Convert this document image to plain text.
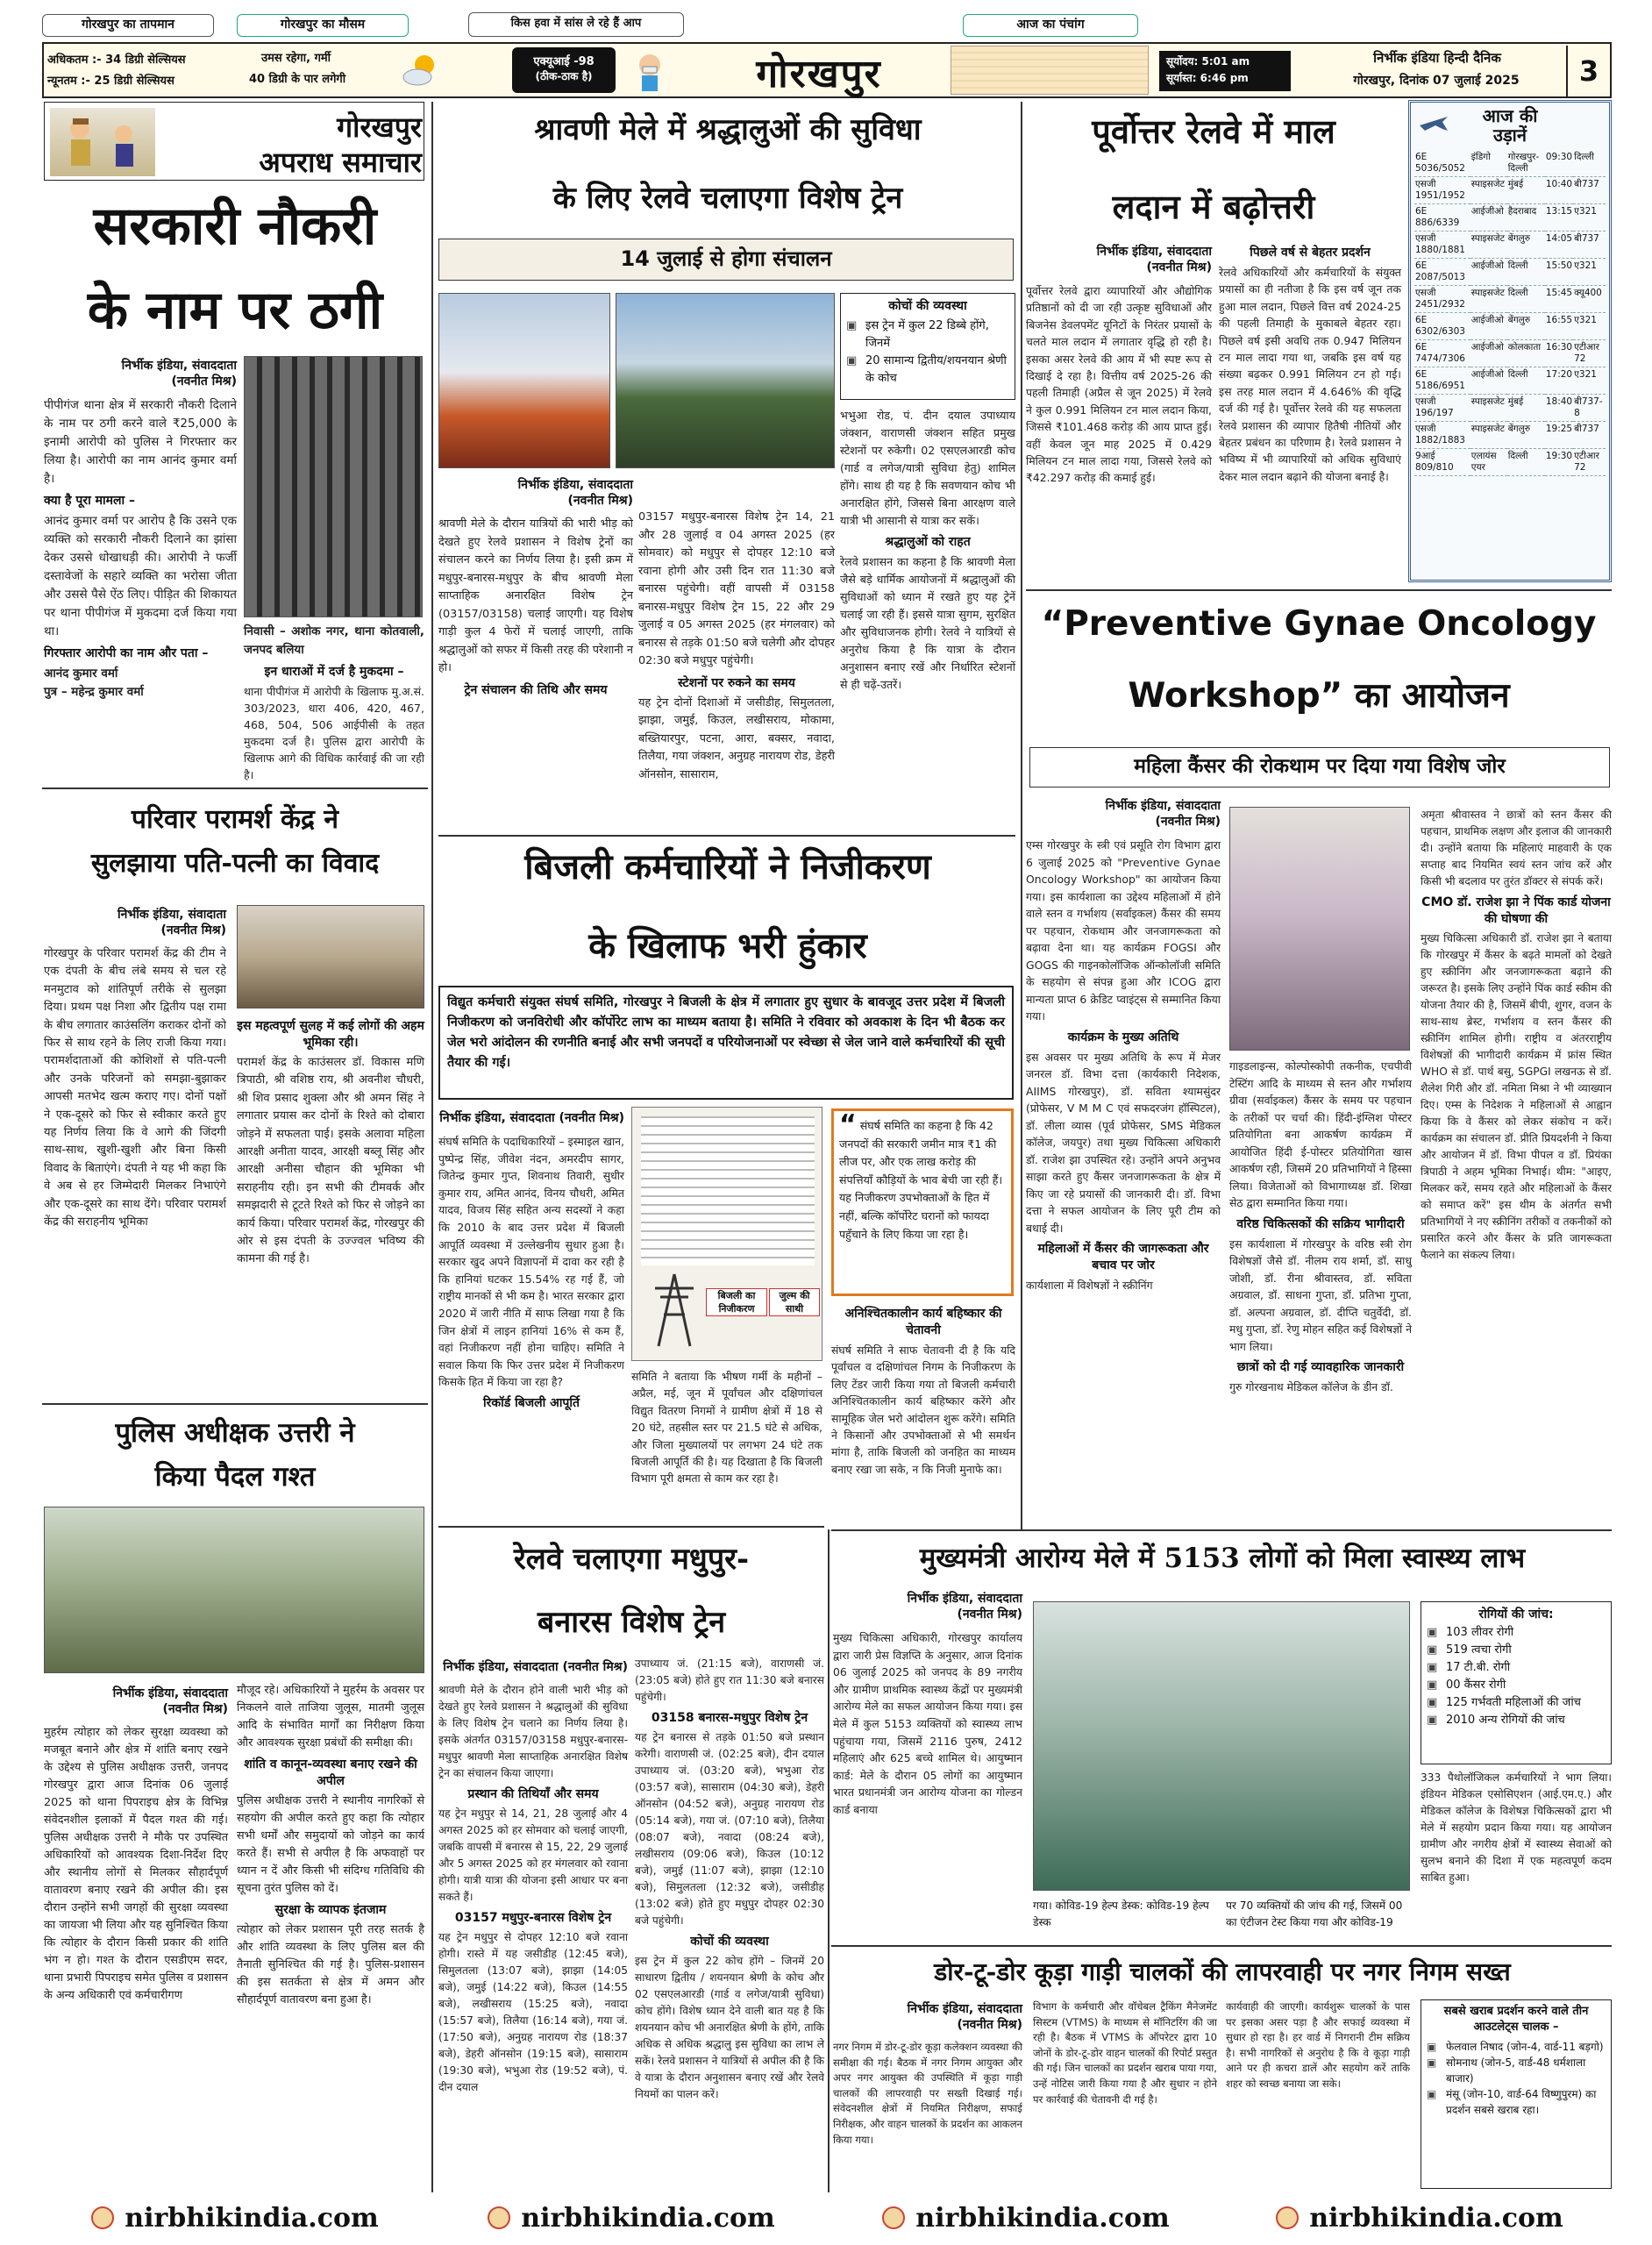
गोरखपुर का तापमान	गोरखपुर का मौसम	किस हवा में सांस ले रहे हैं आप	आज का पंचांग
अधिकतम :- 34 डिग्री सेल्सियस
न्यूनतम :- 25 डिग्री सेल्सियस
उमस रहेगा, गर्मी
40 डिग्री के पार लगेगी
एक्यूआई -98
(ठीक-ठाक है)	गोरखपुर	सूर्योदय: 5:01 am
सूर्यास्त: 6:46 pm
निर्भीक इंडिया हिन्दी दैनिक
गोरखपुर, दिनांक 07 जुलाई 2025	3
गोरखपुर
अपराध समाचार
सरकारी नौकरी
के नाम पर ठगी
निर्भीक इंडिया, संवाददाता
(नवनीत मिश्र)
पीपीगंज थाना क्षेत्र में सरकारी नौकरी दिलाने के नाम पर ठगी करने वाले ₹25,000 के इनामी आरोपी को पुलिस ने गिरफ्तार कर लिया है। आरोपी का नाम आनंद कुमार वर्मा है।
क्या है पूरा मामला –
आनंद कुमार वर्मा पर आरोप है कि उसने एक व्यक्ति को सरकारी नौकरी दिलाने का झांसा देकर उससे धोखाधड़ी की। आरोपी ने फर्जी दस्तावेजों के सहारे व्यक्ति का भरोसा जीता और उससे पैसे ऐंठ लिए। पीड़ित की शिकायत पर थाना पीपीगंज में मुकदमा दर्ज किया गया था।
गिरफ्तार आरोपी का नाम और पता –
आनंद कुमार वर्मा
पुत्र – महेन्द्र कुमार वर्मा
निवासी – अशोक नगर, थाना कोतवाली, जनपद बलिया
इन धाराओं में दर्ज है मुकदमा –
थाना पीपीगंज में आरोपी के खिलाफ मु.अ.सं. 303/2023, धारा 406, 420, 467, 468, 504, 506 आईपीसी के तहत मुकदमा दर्ज है। पुलिस द्वारा आरोपी के खिलाफ आगे की विधिक कार्रवाई की जा रही है।
परिवार परामर्श केंद्र ने
सुलझाया पति-पत्नी का विवाद
निर्भीक इंडिया, संवादाता
(नवनीत मिश्र)
गोरखपुर के परिवार परामर्श केंद्र की टीम ने एक दंपती के बीच लंबे समय से चल रहे मनमुटाव को शांतिपूर्ण तरीके से सुलझा दिया। प्रथम पक्ष निशा और द्वितीय पक्ष रामा के बीच लगातार काउंसलिंग कराकर दोनों को फिर से साथ रहने के लिए राजी किया गया। परामर्शदाताओं की कोशिशों से पति-पत्नी और उनके परिजनों को समझा-बुझाकर आपसी मतभेद खत्म कराए गए। दोनों पक्षों ने एक-दूसरे को फिर से स्वीकार करते हुए यह निर्णय लिया कि वे आगे की जिंदगी साथ-साथ, खुशी-खुशी और बिना किसी विवाद के बिताएंगे। दंपती ने यह भी कहा कि वे अब से हर जिम्मेदारी मिलकर निभाएंगे और एक-दूसरे का साथ देंगे। परिवार परामर्श केंद्र की सराहनीय भूमिका
इस महत्वपूर्ण सुलह में कई लोगों की अहम भूमिका रही।
परामर्श केंद्र के काउंसलर डॉ. विकास मणि त्रिपाठी, श्री वशिष्ठ राय, श्री अवनीश चौधरी, श्री शिव प्रसाद शुक्ला और श्री अमन सिंह ने लगातार प्रयास कर दोनों के रिश्ते को दोबारा जोड़ने में सफलता पाई। इसके अलावा महिला आरक्षी अनीता यादव, आरक्षी बब्लू सिंह और आरक्षी अनीसा चौहान की भूमिका भी सराहनीय रही। इन सभी की टीमवर्क और समझदारी से टूटते रिश्ते को फिर से जोड़ने का कार्य किया। परिवार परामर्श केंद्र, गोरखपुर की ओर से इस दंपती के उज्ज्वल भविष्य की कामना की गई है।
पुलिस अधीक्षक उत्तरी ने
किया पैदल गश्त
निर्भीक इंडिया, संवाददाता
(नवनीत मिश्र)
मुहर्रम त्योहार को लेकर सुरक्षा व्यवस्था को मजबूत बनाने और क्षेत्र में शांति बनाए रखने के उद्देश्य से पुलिस अधीक्षक उत्तरी, जनपद गोरखपुर द्वारा आज दिनांक 06 जुलाई 2025 को थाना पिपराइच क्षेत्र के विभिन्न संवेदनशील इलाकों में पैदल गश्त की गई। पुलिस अधीक्षक उत्तरी ने मौके पर उपस्थित अधिकारियों को आवश्यक दिशा-निर्देश दिए और स्थानीय लोगों से मिलकर सौहार्दपूर्ण वातावरण बनाए रखने की अपील की। इस दौरान उन्होंने सभी जगहों की सुरक्षा व्यवस्था का जायजा भी लिया और यह सुनिश्चित किया कि त्योहार के दौरान किसी प्रकार की शांति भंग न हो। गश्त के दौरान एसडीएम सदर, थाना प्रभारी पिपराइच समेत पुलिस व प्रशासन के अन्य अधिकारी एवं कर्मचारीगण
मौजूद रहे। अधिकारियों ने मुहर्रम के अवसर पर निकलने वाले ताजिया जुलूस, मातमी जुलूस आदि के संभावित मार्गों का निरीक्षण किया और आवश्यक सुरक्षा प्रबंधों की समीक्षा की।
शांति व कानून-व्यवस्था बनाए रखने की अपील
पुलिस अधीक्षक उत्तरी ने स्थानीय नागरिकों से सहयोग की अपील करते हुए कहा कि त्योहार सभी धर्मों और समुदायों को जोड़ने का कार्य करते हैं। सभी से अपील है कि अफवाहों पर ध्यान न दें और किसी भी संदिग्ध गतिविधि की सूचना तुरंत पुलिस को दें।
सुरक्षा के व्यापक इंतजाम
त्योहार को लेकर प्रशासन पूरी तरह सतर्क है और शांति व्यवस्था के लिए पुलिस बल की तैनाती सुनिश्चित की गई है। पुलिस-प्रशासन की इस सतर्कता से क्षेत्र में अमन और सौहार्दपूर्ण वातावरण बना हुआ है।
श्रावणी मेले में श्रद्धालुओं की सुविधा
के लिए रेलवे चलाएगा विशेष ट्रेन
14 जुलाई से होगा संचालन
कोचों की व्यवस्था
▣ इस ट्रेन में कुल 22 डिब्बे होंगे, जिनमें
▣ 20 सामान्य द्वितीय/शयनयान श्रेणी के कोच
भभुआ रोड, पं. दीन दयाल उपाध्याय जंक्शन, वाराणसी जंक्शन सहित प्रमुख स्टेशनों पर रुकेगी। 02 एसएलआरडी कोच (गार्ड व लगेज/यात्री सुविधा हेतु) शामिल होंगे। साथ ही यह है कि सवणयान कोच भी अनारक्षित होंगे, जिससे बिना आरक्षण वाले यात्री भी आसानी से यात्रा कर सकें।
श्रद्धालुओं को राहत
रेलवे प्रशासन का कहना है कि श्रावणी मेला जैसे बड़े धार्मिक आयोजनों में श्रद्धालुओं की सुविधाओं को ध्यान में रखते हुए यह ट्रेनें चलाई जा रही हैं। इससे यात्रा सुगम, सुरक्षित और सुविधाजनक होगी। रेलवे ने यात्रियों से अनुरोध किया है कि यात्रा के दौरान अनुशासन बनाए रखें और निर्धारित स्टेशनों से ही चढ़ें-उतरें।
निर्भीक इंडिया, संवाददाता
(नवनीत मिश्र)
श्रावणी मेले के दौरान यात्रियों की भारी भीड़ को देखते हुए रेलवे प्रशासन ने विशेष ट्रेनों का संचालन करने का निर्णय लिया है। इसी क्रम में मधुपुर-बनारस-मधुपुर के बीच श्रावणी मेला साप्ताहिक अनारक्षित विशेष ट्रेन (03157/03158) चलाई जाएगी। यह विशेष गाड़ी कुल 4 फेरों में चलाई जाएगी, ताकि श्रद्धालुओं को सफर में किसी तरह की परेशानी न हो।
ट्रेन संचालन की तिथि और समय
03157 मधुपुर-बनारस विशेष ट्रेन 14, 21 और 28 जुलाई व 04 अगस्त 2025 (हर सोमवार) को मधुपुर से दोपहर 12:10 बजे रवाना होगी और उसी दिन रात 11:30 बजे बनारस पहुंचेगी। वहीं वापसी में 03158 बनारस-मधुपुर विशेष ट्रेन 15, 22 और 29 जुलाई व 05 अगस्त 2025 (हर मंगलवार) को बनारस से तड़के 01:50 बजे चलेगी और दोपहर 02:30 बजे मधुपुर पहुंचेगी।
स्टेशनों पर रुकने का समय
यह ट्रेन दोनों दिशाओं में जसीडीह, सिमुलतला, झाझा, जमुई, किउल, लखीसराय, मोकामा, बख्तियारपुर, पटना, आरा, बक्सर, नवादा, तिलैया, गया जंक्शन, अनुग्रह नारायण रोड, डेहरी ऑनसोन, सासाराम,
बिजली कर्मचारियों ने निजीकरण
के खिलाफ भरी हुंकार
विद्युत कर्मचारी संयुक्त संघर्ष समिति, गोरखपुर ने बिजली के क्षेत्र में लगातार हुए सुधार के बावजूद उत्तर प्रदेश में बिजली निजीकरण को जनविरोधी और कॉर्पोरेट लाभ का माध्यम बताया है। समिति ने रविवार को अवकाश के दिन भी बैठक कर जेल भरो आंदोलन की रणनीति बनाई और सभी जनपदों व परियोजनाओं पर स्वेच्छा से जेल जाने वाले कर्मचारियों की सूची तैयार की गई।
निर्भीक इंडिया, संवाददाता (नवनीत मिश्र)
संघर्ष समिति के पदाधिकारियों – इस्माइल खान, पुष्पेन्द्र सिंह, जीवेश नंदन, अमरदीप सागर, जितेन्द्र कुमार गुप्त, शिवनाथ तिवारी, सुधीर कुमार राय, अमित आनंद, विनय चौधरी, अमित यादव, विजय सिंह सहित अन्य सदस्यों ने कहा कि 2010 के बाद उत्तर प्रदेश में बिजली आपूर्ति व्यवस्था में उल्लेखनीय सुधार हुआ है। सरकार खुद अपने विज्ञापनों में दावा कर रही है कि हानियां घटकर 15.54% रह गई हैं, जो राष्ट्रीय मानकों से भी कम है। भारत सरकार द्वारा 2020 में जारी नीति में साफ लिखा गया है कि जिन क्षेत्रों में लाइन हानियां 16% से कम हैं, वहां निजीकरण नहीं होना चाहिए। समिति ने सवाल किया कि फिर उत्तर प्रदेश में निजीकरण किसके हित में किया जा रहा है?
रिकॉर्ड बिजली आपूर्ति
बिजली का निजीकरण
जुल्म की साथी
“ संघर्ष समिति का कहना है कि 42 जनपदों की सरकारी जमीन मात्र ₹1 की लीज पर, और एक लाख करोड़ की संपत्तियाँ कौड़ियों के भाव बेची जा रही हैं। यह निजीकरण उपभोक्ताओं के हित में नहीं, बल्कि कॉर्पोरेट घरानों को फायदा पहुँचाने के लिए किया जा रहा है।
अनिश्चितकालीन कार्य बहिष्कार की चेतावनी
संघर्ष समिति ने साफ चेतावनी दी है कि यदि पूर्वांचल व दक्षिणांचल निगम के निजीकरण के लिए टेंडर जारी किया गया तो बिजली कर्मचारी अनिश्चितकालीन कार्य बहिष्कार करेंगे और सामूहिक जेल भरो आंदोलन शुरू करेंगे। समिति ने किसानों और उपभोक्ताओं से भी समर्थन मांगा है, ताकि बिजली को जनहित का माध्यम बनाए रखा जा सके, न कि निजी मुनाफे का।
समिति ने बताया कि भीषण गर्मी के महीनों – अप्रैल, मई, जून में पूर्वांचल और दक्षिणांचल विद्युत वितरण निगमों ने ग्रामीण क्षेत्रों में 18 से 20 घंटे, तहसील स्तर पर 21.5 घंटे से अधिक, और जिला मुख्यालयों पर लगभग 24 घंटे तक बिजली आपूर्ति की है। यह दिखाता है कि बिजली विभाग पूरी क्षमता से काम कर रहा है।
रेलवे चलाएगा मधुपुर-
बनारस विशेष ट्रेन
निर्भीक इंडिया, संवाददाता (नवनीत मिश्र)
श्रावणी मेले के दौरान होने वाली भारी भीड़ को देखते हुए रेलवे प्रशासन ने श्रद्धालुओं की सुविधा के लिए विशेष ट्रेन चलाने का निर्णय लिया है। इसके अंतर्गत 03157/03158 मधुपुर-बनारस-मधुपुर श्रावणी मेला साप्ताहिक अनारक्षित विशेष ट्रेन का संचालन किया जाएगा।
प्रस्थान की तिथियाँ और समय
यह ट्रेन मधुपुर से 14, 21, 28 जुलाई और 4 अगस्त 2025 को हर सोमवार को चलाई जाएगी, जबकि वापसी में बनारस से 15, 22, 29 जुलाई और 5 अगस्त 2025 को हर मंगलवार को रवाना होगी। यात्री यात्रा की योजना इसी आधार पर बना सकते हैं।
03157 मधुपुर-बनारस विशेष ट्रेन
यह ट्रेन मधुपुर से दोपहर 12:10 बजे रवाना होगी। रास्ते में यह जसीडीह (12:45 बजे), सिमुलतला (13:07 बजे), झाझा (14:05 बजे), जमुई (14:22 बजे), किउल (14:55 बजे), लखीसराय (15:25 बजे), नवादा (15:57 बजे), तिलैया (16:14 बजे), गया जं. (17:50 बजे), अनुग्रह नारायण रोड (18:37 बजे), डेहरी ऑनसोन (19:15 बजे), सासाराम (19:30 बजे), भभुआ रोड (19:52 बजे), पं. दीन दयाल
उपाध्याय जं. (21:15 बजे), वाराणसी जं. (23:05 बजे) होते हुए रात 11:30 बजे बनारस पहुंचेगी।
03158 बनारस-मधुपुर विशेष ट्रेन
यह ट्रेन बनारस से तड़के 01:50 बजे प्रस्थान करेगी। वाराणसी जं. (02:25 बजे), दीन दयाल उपाध्याय जं. (03:20 बजे), भभुआ रोड (03:57 बजे), सासाराम (04:30 बजे), डेहरी ऑनसोन (04:52 बजे), अनुग्रह नारायण रोड (05:14 बजे), गया जं. (07:10 बजे), तिलैया (08:07 बजे), नवादा (08:24 बजे), लखीसराय (09:06 बजे), किउल (10:12 बजे), जमुई (11:07 बजे), झाझा (12:10 बजे), सिमुलतला (12:32 बजे), जसीडीह (13:02 बजे) होते हुए मधुपुर दोपहर 02:30 बजे पहुंचेगी।
कोचों की व्यवस्था
इस ट्रेन में कुल 22 कोच होंगे – जिनमें 20 साधारण द्वितीय / शयनयान श्रेणी के कोच और 02 एसएलआरडी (गार्ड व लगेज/यात्री सुविधा) कोच होंगे। विशेष ध्यान देने वाली बात यह है कि शयनयान कोच भी अनारक्षित श्रेणी के होंगे, ताकि अधिक से अधिक श्रद्धालु इस सुविधा का लाभ ले सकें। रेलवे प्रशासन ने यात्रियों से अपील की है कि वे यात्रा के दौरान अनुशासन बनाए रखें और रेलवे नियमों का पालन करें।
पूर्वोत्तर रेलवे में माल
लदान में बढ़ोत्तरी
निर्भीक इंडिया, संवाददाता
(नवनीत मिश्र)
पूर्वोत्तर रेलवे द्वारा व्यापारियों और औद्योगिक प्रतिष्ठानों को दी जा रही उत्कृष्ट सुविधाओं और बिजनेस डेवलपमेंट यूनिटों के निरंतर प्रयासों के चलते माल लदान में लगातार वृद्धि हो रही है। इसका असर रेलवे की आय में भी स्पष्ट रूप से दिखाई दे रहा है। वित्तीय वर्ष 2025-26 की पहली तिमाही (अप्रैल से जून 2025) में रेलवे ने कुल 0.991 मिलियन टन माल लदान किया, जिससे ₹101.468 करोड़ की आय प्राप्त हुई। वहीं केवल जून माह 2025 में 0.429 मिलियन टन माल लादा गया, जिससे रेलवे को ₹42.297 करोड़ की कमाई हुई।
पिछले वर्ष से बेहतर प्रदर्शन
रेलवे अधिकारियों और कर्मचारियों के संयुक्त प्रयासों का ही नतीजा है कि इस वर्ष जून तक हुआ माल लदान, पिछले वित्त वर्ष 2024-25 की पहली तिमाही के मुकाबले बेहतर रहा। पिछले वर्ष इसी अवधि तक 0.947 मिलियन टन माल लादा गया था, जबकि इस वर्ष यह संख्या बढ़कर 0.991 मिलियन टन हो गई। इस तरह माल लदान में 4.646% की वृद्धि दर्ज की गई है। पूर्वोत्तर रेलवे की यह सफलता रेलवे प्रशासन की व्यापार हितैषी नीतियों और बेहतर प्रबंधन का परिणाम है। रेलवे प्रशासन ने भविष्य में भी व्यापारियों को अधिक सुविधाएं देकर माल लदान बढ़ाने की योजना बनाई है।
आज की
उड़ानें
6E 5036/5052	इंडिगो	गोरखपुर-दिल्ली	09:30	दिल्ली
एसजी 1951/1952	स्पाइसजेट	मुंबई	10:40	बी737
6E 886/6339	आईजीओ	हैदराबाद	13:15	ए321
एसजी 1880/1881	स्पाइसजेट	बेंगलुरु	14:05	बी737
6E 2087/5013	आईजीओ	दिल्ली	15:50	ए321
एसजी 2451/2932	स्पाइसजेट	दिल्ली	15:45	क्यू400
6E 6302/6303	आईजीओ	बेंगलुरु	16:55	ए321
6E 7474/7306	आईजीओ	कोलकाता	16:30	एटीआर 72
6E 5186/6951	आईजीओ	दिल्ली	17:20	ए321
एसजी 196/197	स्पाइसजेट	मुंबई	18:40	बी737-8
एसजी 1882/1883	स्पाइसजेट	बेंगलुरु	19:25	बी737
9आई 809/810	एलायंस एयर	दिल्ली	19:30	एटीआर 72
“Preventive Gynae Oncology
Workshop” का आयोजन
महिला कैंसर की रोकथाम पर दिया गया विशेष जोर
निर्भीक इंडिया, संवाददाता
(नवनीत मिश्र)
एम्स गोरखपुर के स्त्री एवं प्रसूति रोग विभाग द्वारा 6 जुलाई 2025 को "Preventive Gynae Oncology Workshop" का आयोजन किया गया। इस कार्यशाला का उद्देश्य महिलाओं में होने वाले स्तन व गर्भाशय (सर्वाइकल) कैंसर की समय पर पहचान, रोकथाम और जनजागरूकता को बढ़ावा देना था। यह कार्यक्रम FOGSI और GOGS की गाइनकोलॉजिक ऑन्कोलॉजी समिति के सहयोग से संपन्न हुआ और ICOG द्वारा मान्यता प्राप्त 6 क्रेडिट प्वाइंट्स से सम्मानित किया गया।
कार्यक्रम के मुख्य अतिथि
इस अवसर पर मुख्य अतिथि के रूप में मेजर जनरल डॉ. विभा दत्ता (कार्यकारी निदेशक, AIIMS गोरखपुर), डॉ. सविता श्यामसुंदर (प्रोफेसर, V M M C एवं सफदरजंग हॉस्पिटल), डॉ. लीला व्यास (पूर्व प्रोफेसर, SMS मेडिकल कॉलेज, जयपुर) तथा मुख्य चिकित्सा अधिकारी डॉ. राजेश झा उपस्थित रहे। उन्होंने अपने अनुभव साझा करते हुए कैंसर जनजागरूकता के क्षेत्र में किए जा रहे प्रयासों की जानकारी दी। डॉ. विभा दत्ता ने सफल आयोजन के लिए पूरी टीम को बधाई दी।
महिलाओं में कैंसर की जागरूकता और बचाव पर जोर
कार्यशाला में विशेषज्ञों ने स्क्रीनिंग
गाइडलाइन्स, कोल्पोस्कोपी तकनीक, एचपीवी टेस्टिंग आदि के माध्यम से स्तन और गर्भाशय ग्रीवा (सर्वाइकल) कैंसर के समय पर पहचान के तरीकों पर चर्चा की। हिंदी-इंग्लिश पोस्टर प्रतियोगिता बना आकर्षण कार्यक्रम में आयोजित हिंदी ई-पोस्टर प्रतियोगिता खास आकर्षण रही, जिसमें 20 प्रतिभागियों ने हिस्सा लिया। विजेताओं को विभागाध्यक्ष डॉ. शिखा सेठ द्वारा सम्मानित किया गया।
वरिष्ठ चिकित्सकों की सक्रिय भागीदारी
इस कार्यशाला में गोरखपुर के वरिष्ठ स्त्री रोग विशेषज्ञों जैसे डॉ. नीलम राय शर्मा, डॉ. साधु जोशी, डॉ. रीना श्रीवास्तव, डॉ. सविता अग्रवाल, डॉ. साधना गुप्ता, डॉ. प्रतिभा गुप्ता, डॉ. अल्पना अग्रवाल, डॉ. दीप्ति चतुर्वेदी, डॉ. मधु गुप्ता, डॉ. रेणु मोहन सहित कई विशेषज्ञों ने भाग लिया।
छात्रों को दी गई व्यावहारिक जानकारी
गुरु गोरखनाथ मेडिकल कॉलेज के डीन डॉ.
अमृता श्रीवास्तव ने छात्रों को स्तन कैंसर की पहचान, प्राथमिक लक्षण और इलाज की जानकारी दी। उन्होंने बताया कि महिलाएं माहवारी के एक सप्ताह बाद नियमित स्वयं स्तन जांच करें और किसी भी बदलाव पर तुरंत डॉक्टर से संपर्क करें।
CMO डॉ. राजेश झा ने पिंक कार्ड योजना की घोषणा की
मुख्य चिकित्सा अधिकारी डॉ. राजेश झा ने बताया कि गोरखपुर में कैंसर के बढ़ते मामलों को देखते हुए स्क्रीनिंग और जनजागरूकता बढ़ाने की जरूरत है। इसके लिए उन्होंने पिंक कार्ड स्कीम की योजना तैयार की है, जिसमें बीपी, शुगर, वजन के साथ-साथ ब्रेस्ट, गर्भाशय व स्तन कैंसर की स्क्रीनिंग शामिल होगी। राष्ट्रीय व अंतरराष्ट्रीय विशेषज्ञों की भागीदारी कार्यक्रम में फ्रांस स्थित WHO से डॉ. पार्थ बसु, SGPGI लखनऊ से डॉ. शैलेश गिरी और डॉ. नमिता मिश्रा ने भी व्याख्यान दिए। एम्स के निदेशक ने महिलाओं से आह्वान किया कि वे कैंसर को लेकर संकोच न करें। कार्यक्रम का संचालन डॉ. प्रीति प्रियदर्शनी ने किया और आयोजन में डॉ. विभा पीपल व डॉ. प्रियंका त्रिपाठी ने अहम भूमिका निभाई। थीम: "आइए, मिलकर करें, समय रहते और महिलाओं के कैंसर को समाप्त करें" इस थीम के अंतर्गत सभी प्रतिभागियों ने नए स्क्रीनिंग तरीकों व तकनीकों को प्रसारित करने और कैंसर के प्रति जागरूकता फैलाने का संकल्प लिया।
मुख्यमंत्री आरोग्य मेले में 5153 लोगों को मिला स्वास्थ्य लाभ
निर्भीक इंडिया, संवाददाता
(नवनीत मिश्र)
मुख्य चिकित्सा अधिकारी, गोरखपुर कार्यालय द्वारा जारी प्रेस विज्ञप्ति के अनुसार, आज दिनांक 06 जुलाई 2025 को जनपद के 89 नगरीय और ग्रामीण प्राथमिक स्वास्थ्य केंद्रों पर मुख्यमंत्री आरोग्य मेले का सफल आयोजन किया गया। इस मेले में कुल 5153 व्यक्तियों को स्वास्थ्य लाभ पहुंचाया गया, जिसमें 2116 पुरुष, 2412 महिलाएं और 625 बच्चे शामिल थे। आयुष्मान कार्ड: मेले के दौरान 05 लोगों का आयुष्मान भारत प्रधानमंत्री जन आरोग्य योजना का गोल्डन कार्ड बनाया
गया। कोविड-19 हेल्प डेस्क: कोविड-19 हेल्प डेस्क
पर 70 व्यक्तियों की जांच की गई, जिसमें 00 का एंटीजन टेस्ट किया गया और कोविड-19
रोगियों की जांच:
▣ 103 लीवर रोगी
▣ 519 त्वचा रोगी
▣ 17 टी.बी. रोगी
▣ 00 कैंसर रोगी
▣ 125 गर्भवती महिलाओं की जांच
▣ 2010 अन्य रोगियों की जांच
333 पैथोलॉजिकल कर्मचारियों ने भाग लिया। इंडियन मेडिकल एसोसिएशन (आई.एम.ए.) और मेडिकल कॉलेज के विशेषज्ञ चिकित्सकों द्वारा भी मेले में सहयोग प्रदान किया गया। यह आयोजन ग्रामीण और नगरीय क्षेत्रों में स्वास्थ्य सेवाओं को सुलभ बनाने की दिशा में एक महत्वपूर्ण कदम साबित हुआ।
डोर-टू-डोर कूड़ा गाड़ी चालकों की लापरवाही पर नगर निगम सख्त
निर्भीक इंडिया, संवाददाता
(नवनीत मिश्र)
नगर निगम में डोर-टू-डोर कूड़ा कलेक्शन व्यवस्था की समीक्षा की गई। बैठक में नगर निगम आयुक्त और अपर नगर आयुक्त की उपस्थिति में कूड़ा गाड़ी चालकों की लापरवाही पर सख्ती दिखाई गई। संवेदनशील क्षेत्रों में नियमित निरीक्षण, सफाई निरीक्षक, और वाहन चालकों के प्रदर्शन का आकलन किया गया।
विभाग के कर्मचारी और वॉचेबल ट्रैकिंग मैनेजमेंट सिस्टम (VTMS) के माध्यम से मॉनिटरिंग की जा रही है। बैठक में VTMS के ऑपरेटर द्वारा 10 जोनों के डोर-टू-डोर वाहन चालकों की रिपोर्ट प्रस्तुत की गई। जिन चालकों का प्रदर्शन खराब पाया गया, उन्हें नोटिस जारी किया गया है और सुधार न होने पर कार्रवाई की चेतावनी दी गई है।
कार्यवाही की जाएगी। कार्यशुरू चालकों के पास पर इसका असर पड़ा है और सफाई व्यवस्था में सुधार हो रहा है। हर वार्ड में निगरानी टीम सक्रिय है। सभी नागरिकों से अनुरोध है कि वे कूड़ा गाड़ी आने पर ही कचरा डालें और सहयोग करें ताकि शहर को स्वच्छ बनाया जा सके।
सबसे खराब प्रदर्शन करने वाले तीन आउटलेट्स चालक –
▣ फेलवाल निषाद (जोन-4, वार्ड-11 बड़गो)
▣ सोमनाथ (जोन-5, वार्ड-48 धर्मशाला बाजार)
▣ मंसू (जोन-10, वार्ड-64 विष्णुपुरम) का प्रदर्शन सबसे खराब रहा।
nirbhikindia.com	nirbhikindia.com	nirbhikindia.com	nirbhikindia.com
